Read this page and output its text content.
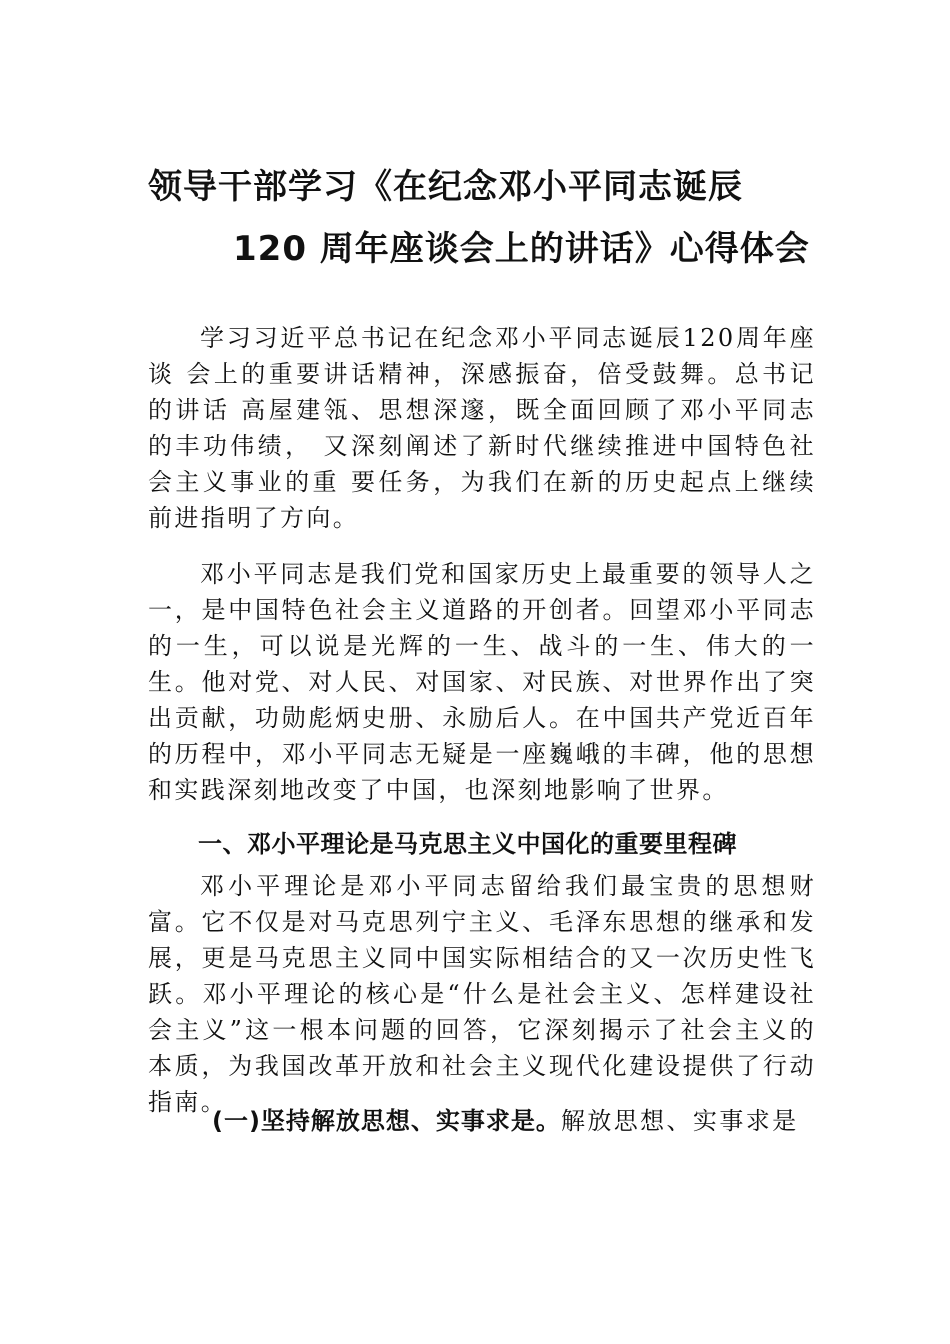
领导干部学习《在纪念邓小平同志诞辰
120 周年座谈会上的讲话》心得体会

学习习近平总书记在纪念邓小平同志诞辰120周年座谈 会上的重要讲话精神，深感振奋，倍受鼓舞。总书记的讲话 高屋建瓴、思想深邃，既全面回顾了邓小平同志的丰功伟绩， 又深刻阐述了新时代继续推进中国特色社会主义事业的重 要任务，为我们在新的历史起点上继续前进指明了方向。

邓小平同志是我们党和国家历史上最重要的领导人之一，是中国特色社会主义道路的开创者。回望邓小平同志的一生，可以说是光辉的一生、战斗的一生、伟大的一生。他对党、对人民、对国家、对民族、对世界作出了突出贡献，功勋彪炳史册、永励后人。在中国共产党近百年的历程中，邓小平同志无疑是一座巍峨的丰碑，他的思想和实践深刻地改变了中国，也深刻地影响了世界。

一、邓小平理论是马克思主义中国化的重要里程碑

邓小平理论是邓小平同志留给我们最宝贵的思想财富。它不仅是对马克思列宁主义、毛泽东思想的继承和发展，更是马克思主义同中国实际相结合的又一次历史性飞跃。邓小平理论的核心是“什么是社会主义、怎样建设社会主义”这一根本问题的回答，它深刻揭示了社会主义的本质，为我国改革开放和社会主义现代化建设提供了行动指南。

(一)坚持解放思想、实事求是。解放思想、实事求是
